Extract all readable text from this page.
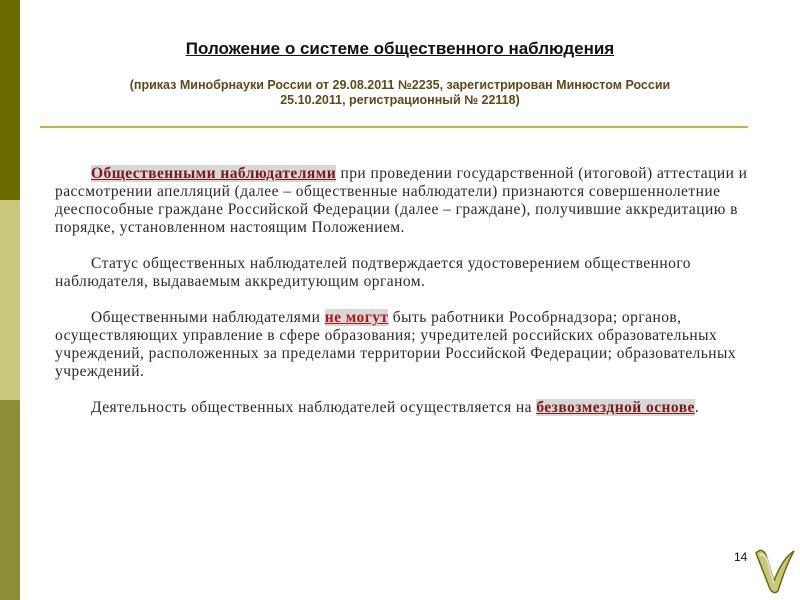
Положение о системе общественного наблюдения
(приказ Минобрнауки России от 29.08.2011 №2235, зарегистрирован Минюстом России
25.10.2011, регистрационный № 22118)

Общественными наблюдателями при проведении государственной (итоговой) аттестации и рассмотрении апелляций (далее – общественные наблюдатели) признаются совершеннолетние дееспособные граждане Российской Федерации (далее – граждане), получившие аккредитацию в порядке, установленном настоящим Положением.

Статус общественных наблюдателей подтверждается удостоверением общественного наблюдателя, выдаваемым аккредитующим органом.

Общественными наблюдателями не могут быть работники Рособрнадзора; органов, осуществляющих управление в сфере образования; учредителей российских образовательных учреждений, расположенных за пределами территории Российской Федерации; образовательных учреждений.

Деятельность общественных наблюдателей осуществляется на безвозмездной основе.

14
